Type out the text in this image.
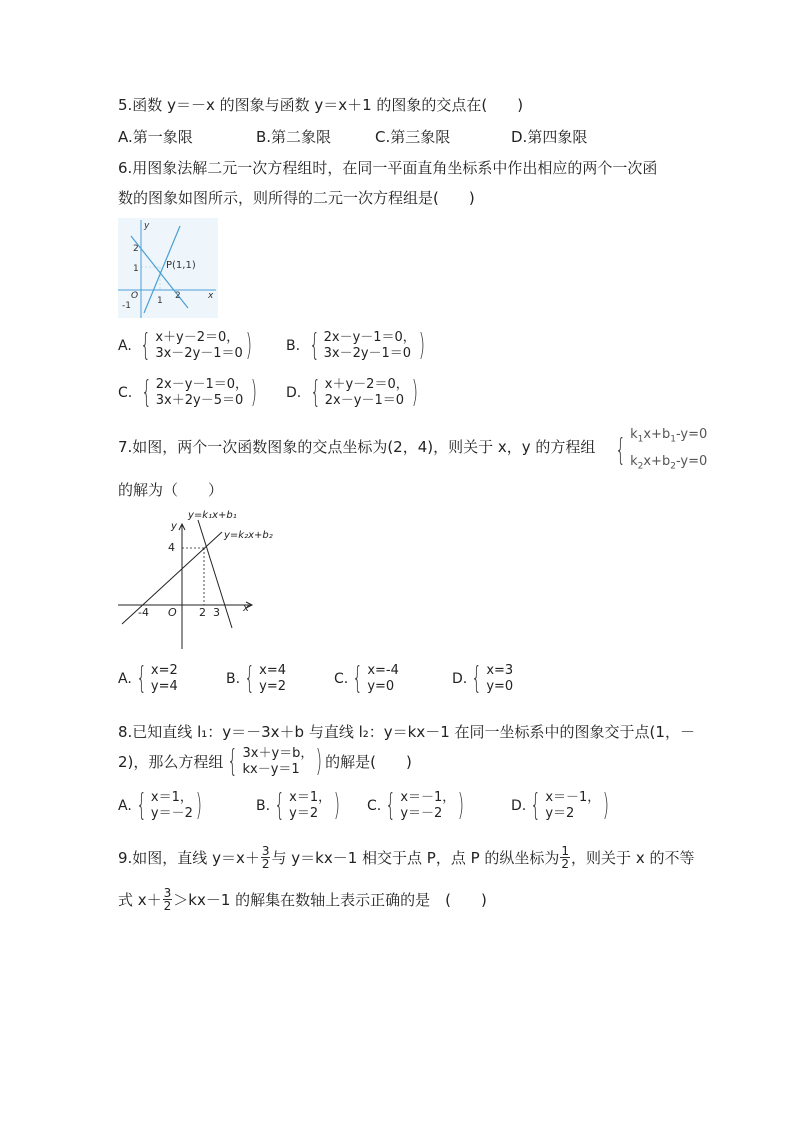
5.函数 y＝－x 的图象与函数 y＝x＋1 的图象的交点在(　　)
A.第一象限	B.第二象限	C.第三象限	D.第四象限
6.用图象法解二元一次方程组时，在同一平面直角坐标系中作出相应的两个一次函
数的图象如图所示，则所得的二元一次方程组是(　　)
y
x
2
1
1 2
-1
O
P(1,1)
A. { x＋y－2＝0，
3x－2y－1＝0 ) B. { 2x－y－1＝0，
3x－2y－1＝0 )
C. { 2x－y－1＝0，
3x＋2y－5＝0 ) D. { x＋y－2＝0，
2x－y－1＝0 )
7.如图，两个一次函数图象的交点坐标为(2，4)，则关于 x，y 的方程组 { $k_1x+b_1-y=0$
$k_2x+b_2-y=0$
的解为（　　）
y=k₁x+b₁
y=k₂x+b₂
y
x
4
-4 O 2 3
A. { x=2
y=4	B. { x=4
y=2	C. { x=-4
y=0	D. { x=3
y=0
8.已知直线 l₁：y＝－3x＋b 与直线 l₂：y＝kx－1 在同一坐标系中的图象交于点(1，－
2)，那么方程组 { 3x＋y＝b，
kx－y＝1 ) 的解是(　　)
A. { x＝1，
y＝－2 )	B. { x＝1，
y＝2 ) C. { x＝－1，
y＝－2 )	D. { x＝－1，
y＝2 )
9.如图，直线 $y=x+ \frac{3}{2}$ 与 y＝kx－1 相交于点 P，点 P 的纵坐标为 $\frac{1}{2}$ ，则关于 x 的不等
式 $x+ \frac{3}{2} >kx-1$ 的解集在数轴上表示正确的是　(　　)
